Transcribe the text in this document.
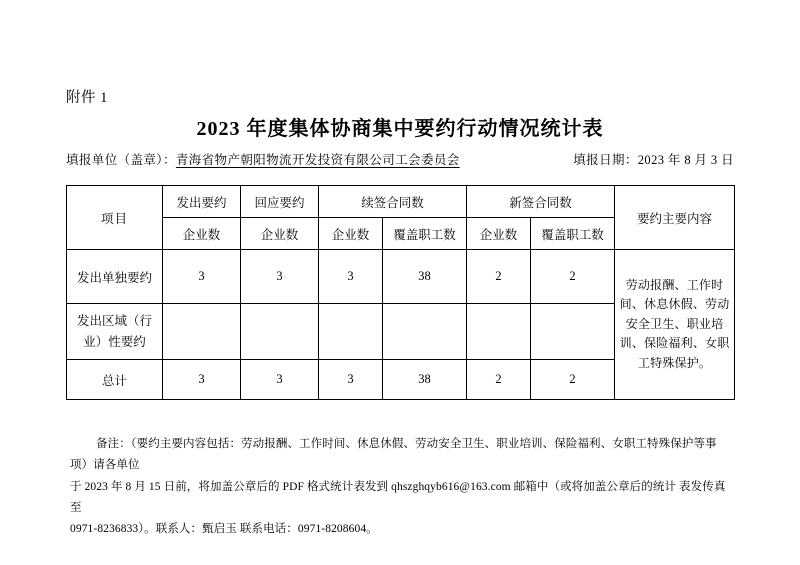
附件 1
2023 年度集体协商集中要约行动情况统计表
填报单位（盖章）： 青海省物产朝阳物流开发投资有限公司工会委员会	填报日期：2023 年 8 月 3 日
项目	发出要约	回应要约	续签合同数		新签合同数		要约主要内容
	企业数	企业数	企业数	覆盖职工数	企业数	覆盖职工数	
发出单独要约	3	3	3	38	2	2	劳动报酬、工作时间、休息休假、劳动安全卫生、职业培训、保险福利、女职工特殊保护。

发出区域（行
业）性要约							

总计	3	3	3	38	2	2	

备注：（要约主要内容包括：劳动报酬、工作时间、休息休假、劳动安全卫生、职业培训、保险福利、女职工特殊保护等事项）请各单位

于 2023 年 8 月 15 日前，将加盖公章后的 PDF 格式统计表发到 qhszghqyb616@163.com 邮箱中（或将加盖公章后的统计 表发传真至

0971-8236833）。联系人：甄启玉 联系电话：0971-8208604。
